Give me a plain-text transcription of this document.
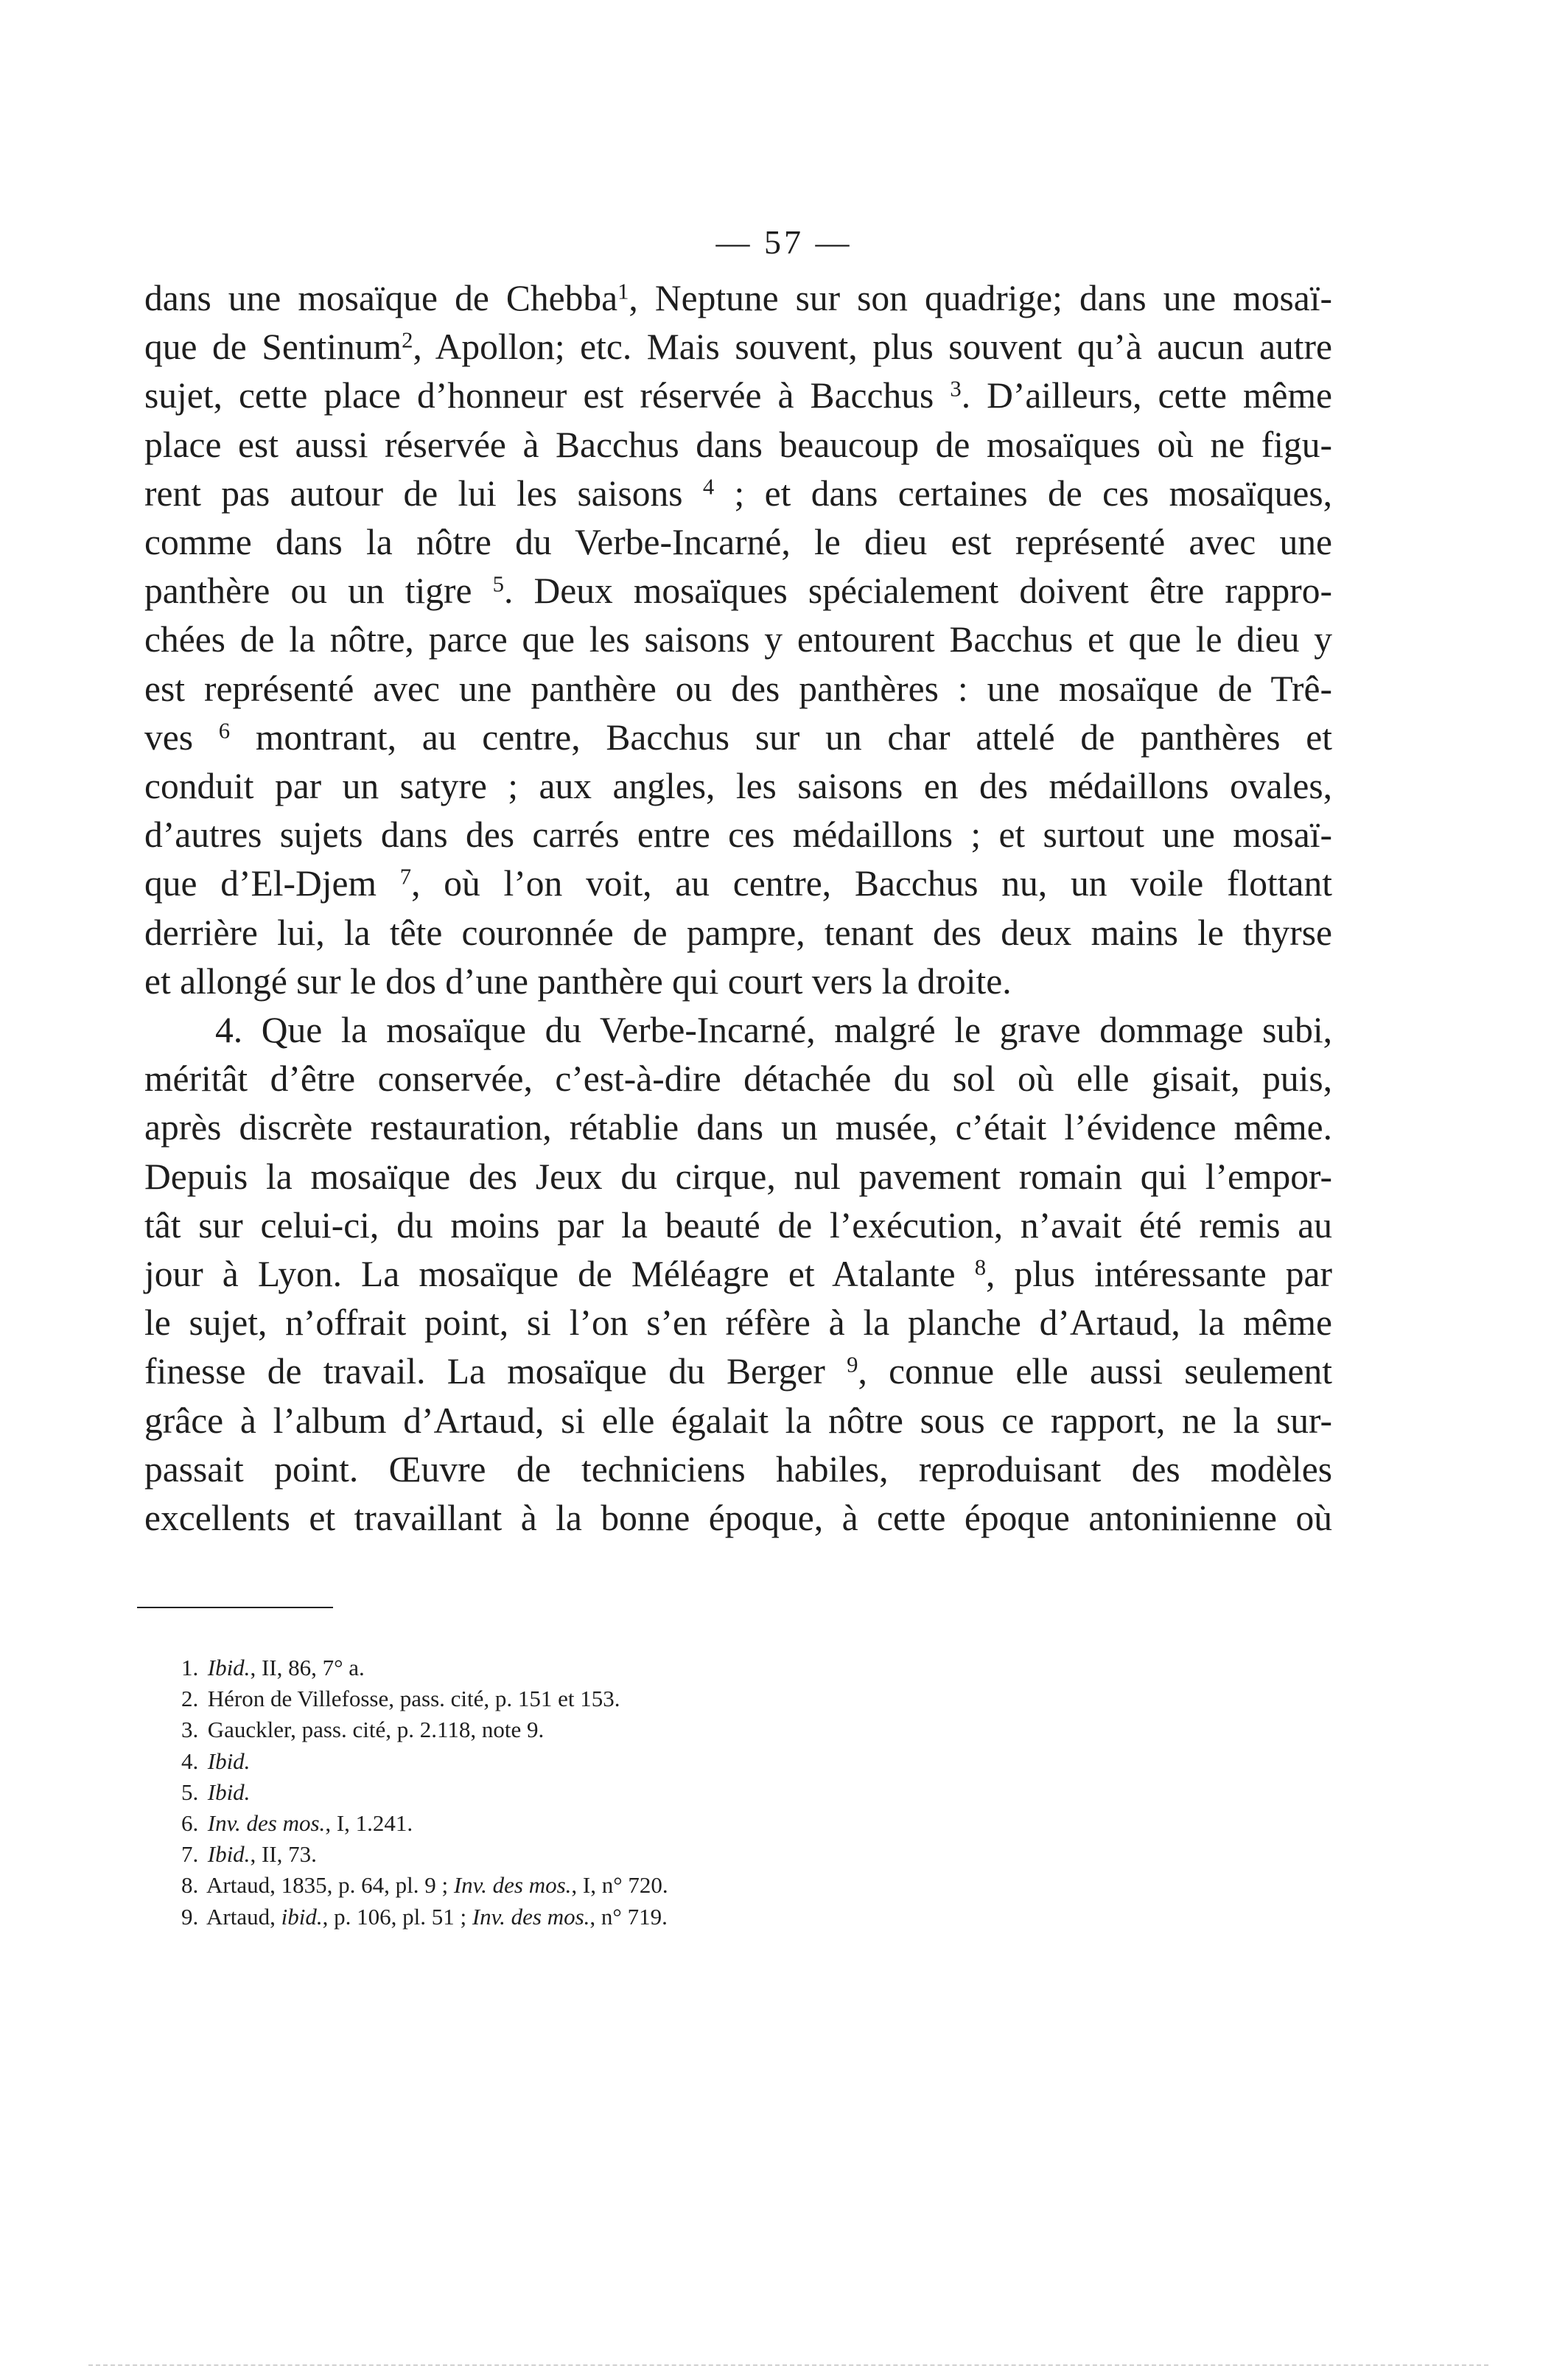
— 57 —
dans une mosaïque de Chebba$^1$, Neptune sur son quadrige; dans une mosaï-
que de Sentinum$^2$, Apollon; etc. Mais souvent, plus souvent qu’à aucun autre
sujet, cette place d’honneur est réservée à Bacchus $^3$. D’ailleurs, cette même
place est aussi réservée à Bacchus dans beaucoup de mosaïques où ne figu-
rent pas autour de lui les saisons $^4$ ; et dans certaines de ces mosaïques,
comme dans la nôtre du Verbe-Incarné, le dieu est représenté avec une
panthère ou un tigre $^5$. Deux mosaïques spécialement doivent être rappro-
chées de la nôtre, parce que les saisons y entourent Bacchus et que le dieu y
est représenté avec une panthère ou des panthères : une mosaïque de Trê-
ves $^6$ montrant, au centre, Bacchus sur un char attelé de panthères et
conduit par un satyre ; aux angles, les saisons en des médaillons ovales,
d’autres sujets dans des carrés entre ces médaillons ; et surtout une mosaï-
que d’El-Djem $^7$, où l’on voit, au centre, Bacchus nu, un voile flottant
derrière lui, la tête couronnée de pampre, tenant des deux mains le thyrse
et allongé sur le dos d’une panthère qui court vers la droite.
4. Que la mosaïque du Verbe-Incarné, malgré le grave dommage subi,
méritât d’être conservée, c’est-à-dire détachée du sol où elle gisait, puis,
après discrète restauration, rétablie dans un musée, c’était l’évidence même.
Depuis la mosaïque des Jeux du cirque, nul pavement romain qui l’empor-
tât sur celui-ci, du moins par la beauté de l’exécution, n’avait été remis au
jour à Lyon. La mosaïque de Méléagre et Atalante $^8$, plus intéressante par
le sujet, n’offrait point, si l’on s’en réfère à la planche d’Artaud, la même
finesse de travail. La mosaïque du Berger $^9$, connue elle aussi seulement
grâce à l’album d’Artaud, si elle égalait la nôtre sous ce rapport, ne la sur-
passait point. Œuvre de techniciens habiles, reproduisant des modèles
excellents et travaillant à la bonne époque, à cette époque antoninienne où
1. Ibid., II, 86, 7° a.
2. Héron de Villefosse, pass. cité, p. 151 et 153.
3. Gauckler, pass. cité, p. 2.118, note 9.
4. Ibid.
5. Ibid.
6. Inv. des mos., I, 1.241.
7. Ibid., II, 73.
8. Artaud, 1835, p. 64, pl. 9 ; Inv. des mos., I, n° 720.
9. Artaud, ibid., p. 106, pl. 51 ; Inv. des mos., n° 719.
